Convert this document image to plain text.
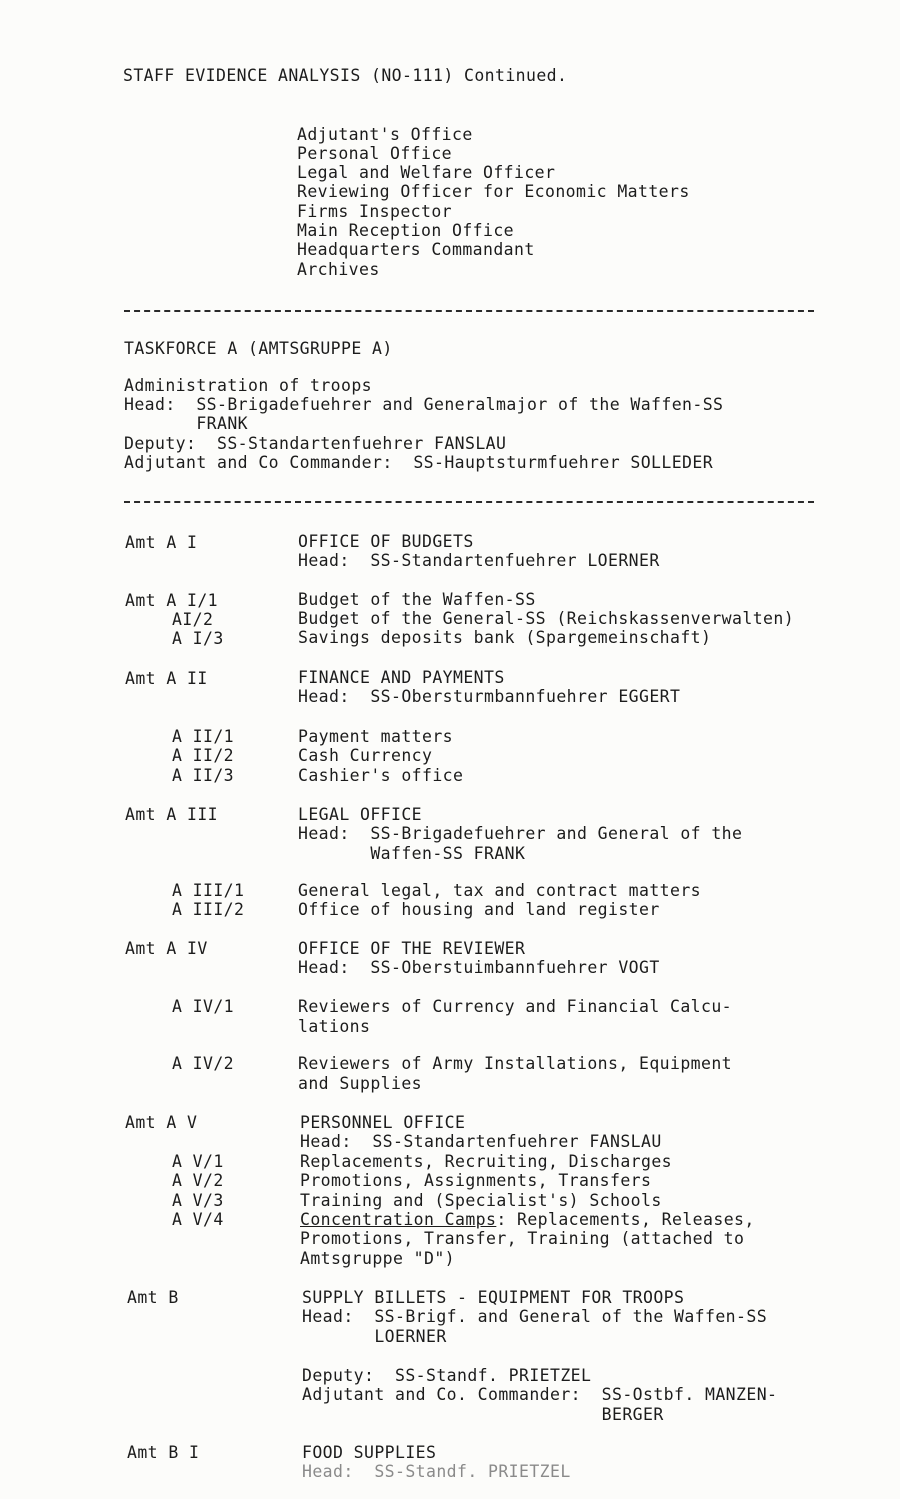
STAFF EVIDENCE ANALYSIS (NO-111) Continued.
Adjutant's Office
Personal Office
Legal and Welfare Officer
Reviewing Officer for Economic Matters
Firms Inspector
Main Reception Office
Headquarters Commandant
Archives
TASKFORCE A (AMTSGRUPPE A)
Administration of troops
Head:  SS-Brigadefuehrer and Generalmajor of the Waffen-SS
FRANK
Deputy:  SS-Standartenfuehrer FANSLAU
Adjutant and Co Commander:  SS-Hauptsturmfuehrer SOLLEDER
Amt A I	OFFICE OF BUDGETS
Head:  SS-Standartenfuehrer LOERNER
Amt A I/1	Budget of the Waffen-SS
AI/2	Budget of the General-SS (Reichskassenverwalten)
A I/3	Savings deposits bank (Spargemeinschaft)
Amt A II	FINANCE AND PAYMENTS
Head:  SS-Obersturmbannfuehrer EGGERT
A II/1	Payment matters
A II/2	Cash Currency
A II/3	Cashier's office
Amt A III	LEGAL OFFICE
Head:  SS-Brigadefuehrer and General of the
Waffen-SS FRANK
A III/1	General legal, tax and contract matters
A III/2	Office of housing and land register
Amt A IV	OFFICE OF THE REVIEWER
Head:  SS-Oberstuimbannfuehrer VOGT
A IV/1	Reviewers of Currency and Financial Calcu-
lations
A IV/2	Reviewers of Army Installations, Equipment
and Supplies
Amt A V	PERSONNEL OFFICE
Head:  SS-Standartenfuehrer FANSLAU
A V/1	Replacements, Recruiting, Discharges
A V/2	Promotions, Assignments, Transfers
A V/3	Training and (Specialist's) Schools
A V/4	Concentration Camps: Replacements, Releases,
Promotions, Transfer, Training (attached to
Amtsgruppe "D")
Amt B	SUPPLY BILLETS - EQUIPMENT FOR TROOPS
Head:  SS-Brigf. and General of the Waffen-SS
LOERNER
Deputy:  SS-Standf. PRIETZEL
Adjutant and Co. Commander:  SS-Ostbf. MANZEN-
BERGER
Amt B I	FOOD SUPPLIES
Head:  SS-Standf. PRIETZEL
